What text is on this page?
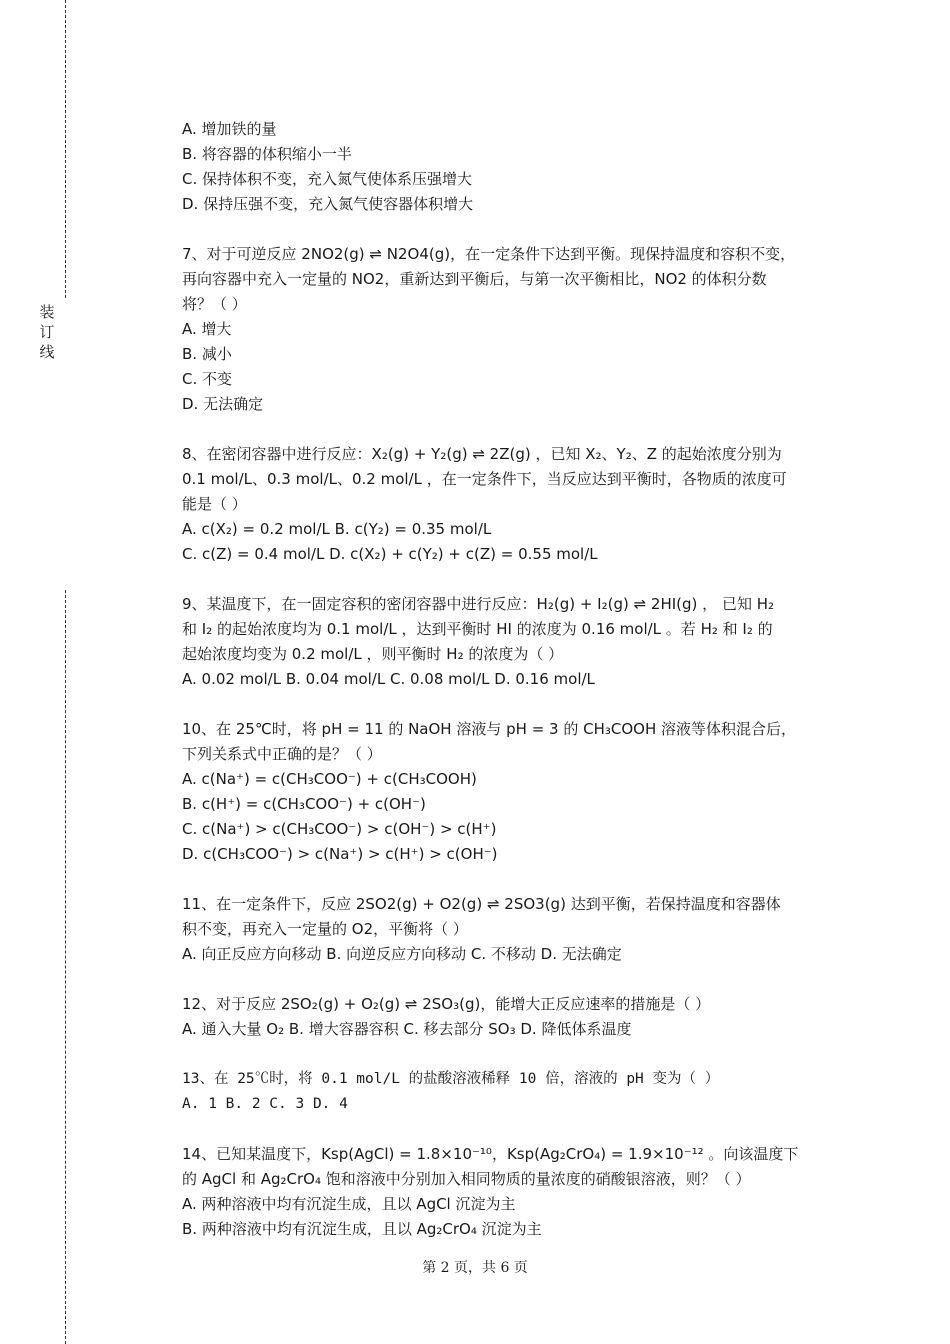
装
订
线
A. 增加铁的量
B. 将容器的体积缩小一半
C. 保持体积不变，充入氮气使体系压强增大
D. 保持压强不变，充入氮气使容器体积增大
7、对于可逆反应 2NO2(g) ⇌ N2O4(g)，在一定条件下达到平衡。现保持温度和容积不变，
再向容器中充入一定量的 NO2，重新达到平衡后，与第一次平衡相比，NO2 的体积分数
将？（ ）
A. 增大
B. 减小
C. 不变
D. 无法确定
8、在密闭容器中进行反应：X₂(g) + Y₂(g) ⇌ 2Z(g) ，已知 X₂、Y₂、Z 的起始浓度分别为
0.1 mol/L、0.3 mol/L、0.2 mol/L ，在一定条件下，当反应达到平衡时，各物质的浓度可
能是（ ）
A. c(X₂) = 0.2 mol/L B. c(Y₂) = 0.35 mol/L
C. c(Z) = 0.4 mol/L D. c(X₂) + c(Y₂) + c(Z) = 0.55 mol/L
9、某温度下，在一固定容积的密闭容器中进行反应：H₂(g) + I₂(g) ⇌ 2HI(g) ， 已知 H₂
和 I₂ 的起始浓度均为 0.1 mol/L ，达到平衡时 HI 的浓度为 0.16 mol/L 。若 H₂ 和 I₂ 的
起始浓度均变为 0.2 mol/L ，则平衡时 H₂ 的浓度为（ ）
A. 0.02 mol/L B. 0.04 mol/L C. 0.08 mol/L D. 0.16 mol/L
10、在 25℃时，将 pH = 11 的 NaOH 溶液与 pH = 3 的 CH₃COOH 溶液等体积混合后，
下列关系式中正确的是？（ ）
A. c(Na⁺) = c(CH₃COO⁻) + c(CH₃COOH)
B. c(H⁺) = c(CH₃COO⁻) + c(OH⁻)
C. c(Na⁺) > c(CH₃COO⁻) > c(OH⁻) > c(H⁺)
D. c(CH₃COO⁻) > c(Na⁺) > c(H⁺) > c(OH⁻)
11、在一定条件下，反应 2SO2(g) + O2(g) ⇌ 2SO3(g) 达到平衡，若保持温度和容器体
积不变，再充入一定量的 O2，平衡将（ ）
A. 向正反应方向移动 B. 向逆反应方向移动 C. 不移动 D. 无法确定
12、对于反应 2SO₂(g) + O₂(g) ⇌ 2SO₃(g)，能增大正反应速率的措施是（ ）
A. 通入大量 O₂ B. 增大容器容积 C. 移去部分 SO₃ D. 降低体系温度
13、在 25℃时，将 0.1 mol/L 的盐酸溶液稀释 10 倍，溶液的 pH 变为（ ）
A. 1 B. 2 C. 3 D. 4
14、已知某温度下，Ksp(AgCl) = 1.8×10⁻¹⁰，Ksp(Ag₂CrO₄) = 1.9×10⁻¹² 。向该温度下
的 AgCl 和 Ag₂CrO₄ 饱和溶液中分别加入相同物质的量浓度的硝酸银溶液，则？（ ）
A. 两种溶液中均有沉淀生成，且以 AgCl 沉淀为主
B. 两种溶液中均有沉淀生成，且以 Ag₂CrO₄ 沉淀为主
第 2 页，共 6 页
